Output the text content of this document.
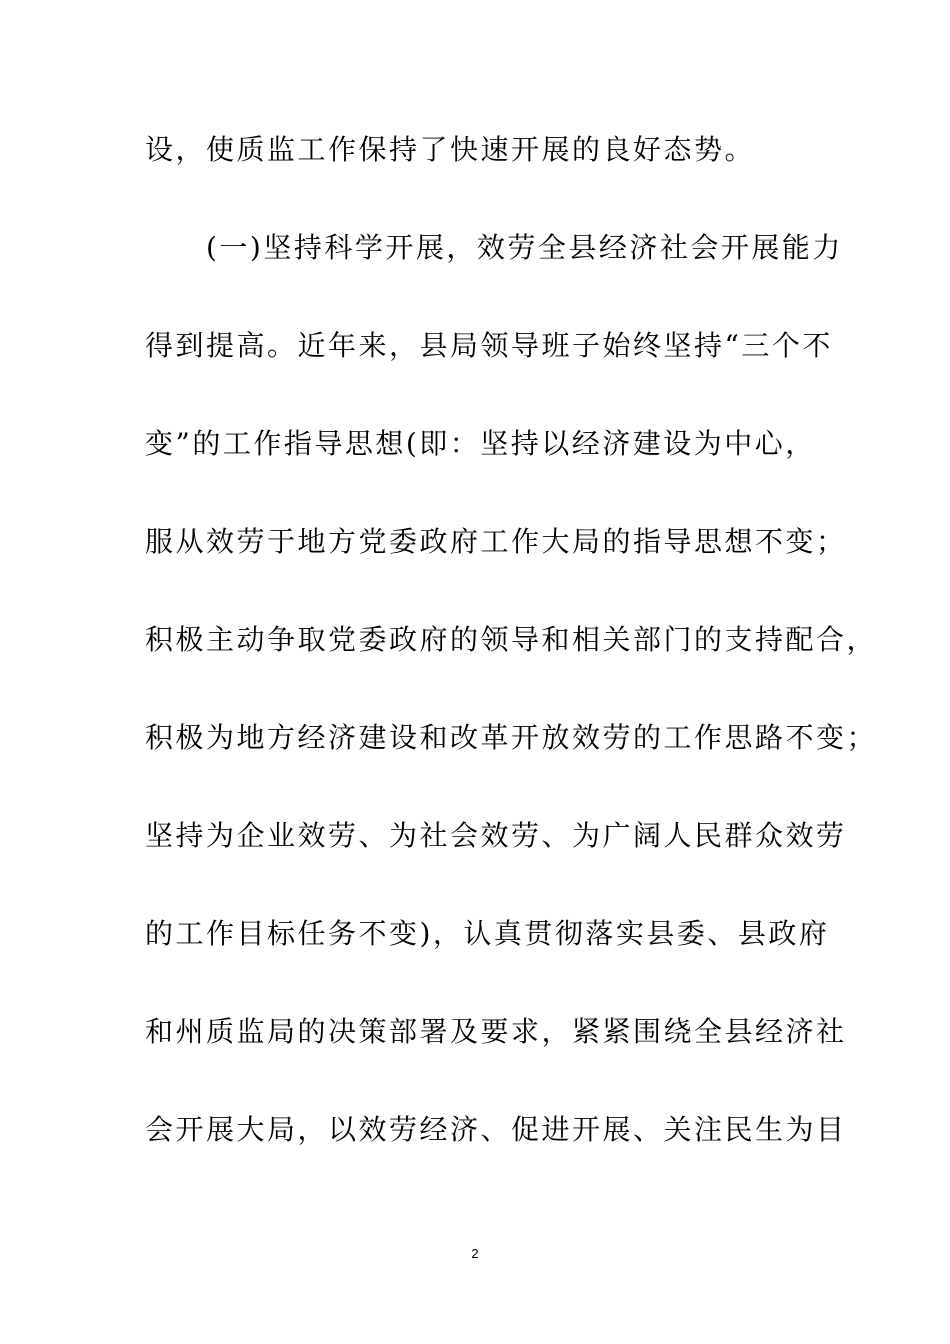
设，使质监工作保持了快速开展的良好态势。
　　(一)坚持科学开展，效劳全县经济社会开展能力
得到提高。近年来，县局领导班子始终坚持“三个不
变”的工作指导思想(即：坚持以经济建设为中心，
服从效劳于地方党委政府工作大局的指导思想不变；
积极主动争取党委政府的领导和相关部门的支持配合，
积极为地方经济建设和改革开放效劳的工作思路不变；
坚持为企业效劳、为社会效劳、为广阔人民群众效劳
的工作目标任务不变)，认真贯彻落实县委、县政府
和州质监局的决策部署及要求，紧紧围绕全县经济社
会开展大局，以效劳经济、促进开展、关注民生为目
2
